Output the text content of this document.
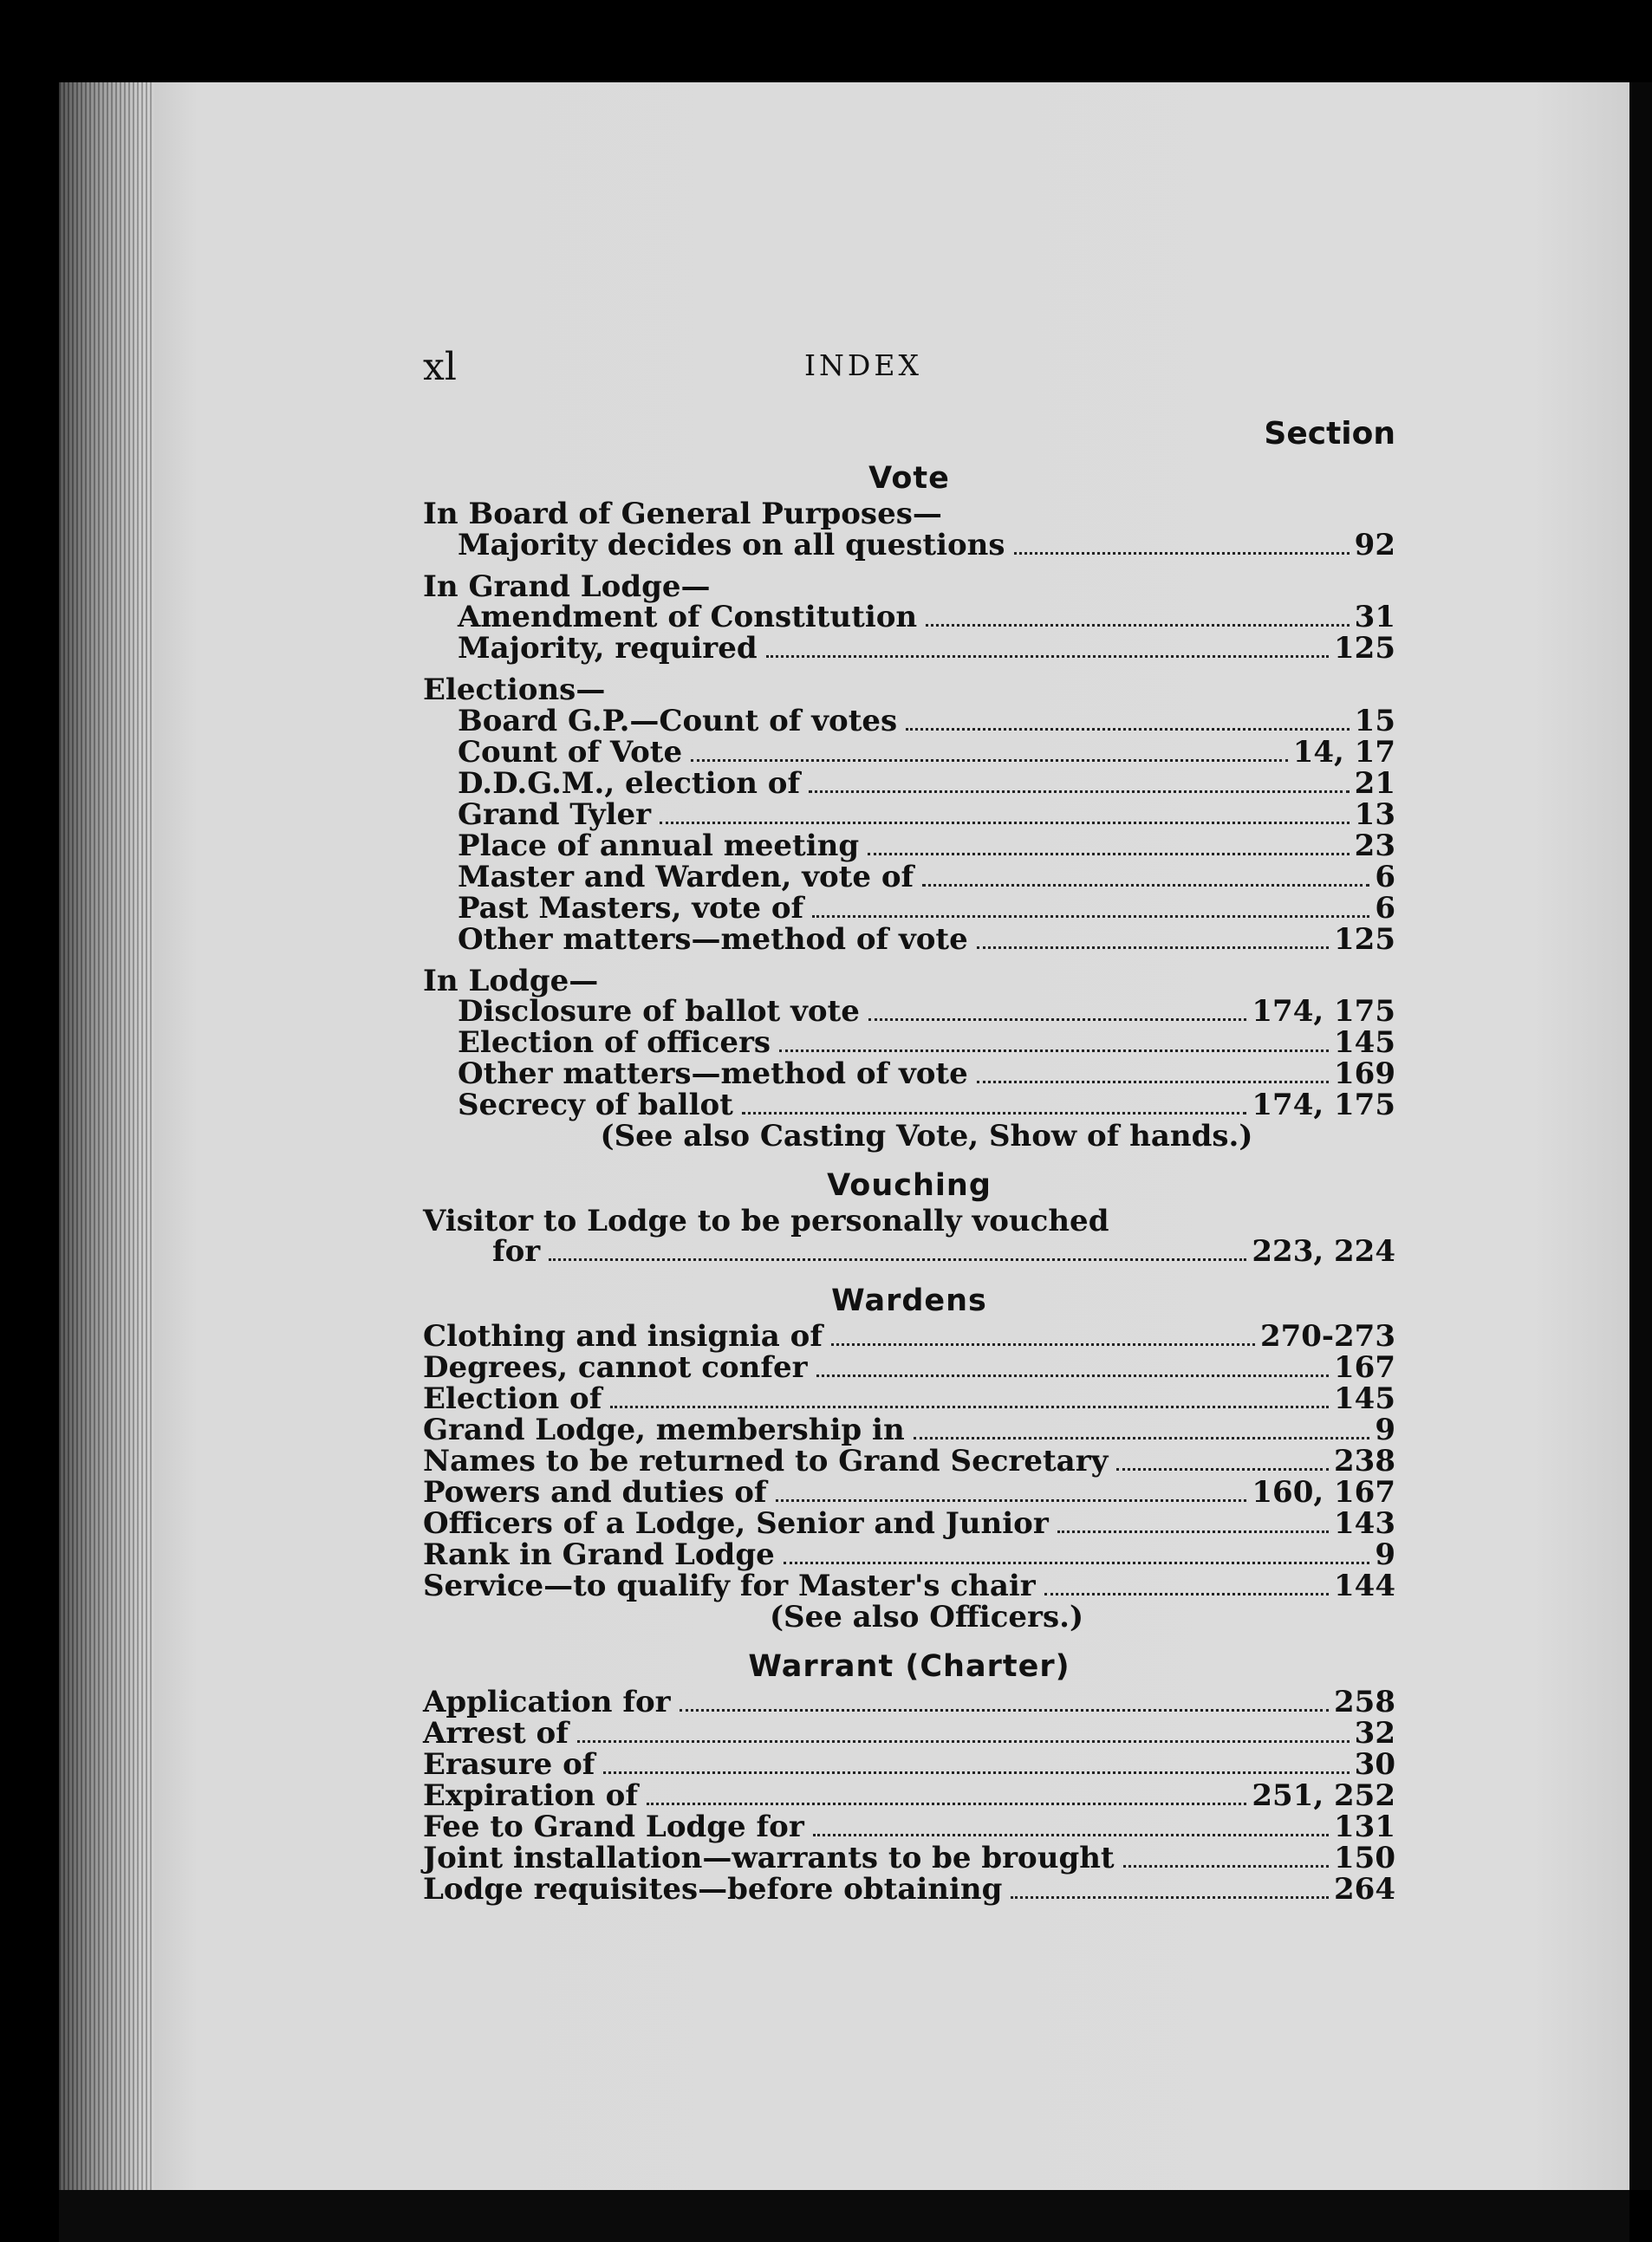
xl	INDEX
Section
Vote
In Board of General Purposes—
Majority decides on all questions	92
In Grand Lodge—
Amendment of Constitution	31
Majority, required	125
Elections—
Board G.P.—Count of votes	15
Count of Vote	14, 17
D.D.G.M., election of	21
Grand Tyler	13
Place of annual meeting	23
Master and Warden, vote of	6
Past Masters, vote of	6
Other matters—method of vote	125
In Lodge—
Disclosure of ballot vote	174, 175
Election of officers	145
Other matters—method of vote	169
Secrecy of ballot	174, 175
(See also Casting Vote, Show of hands.)
Vouching
Visitor to Lodge to be personally vouched
for	223, 224
Wardens
Clothing and insignia of	270-273
Degrees, cannot confer	167
Election of	145
Grand Lodge, membership in	9
Names to be returned to Grand Secretary	238
Powers and duties of	160, 167
Officers of a Lodge, Senior and Junior	143
Rank in Grand Lodge	9
Service—to qualify for Master's chair	144
(See also Officers.)
Warrant (Charter)
Application for	258
Arrest of	32
Erasure of	30
Expiration of	251, 252
Fee to Grand Lodge for	131
Joint installation—warrants to be brought	150
Lodge requisites—before obtaining	264
